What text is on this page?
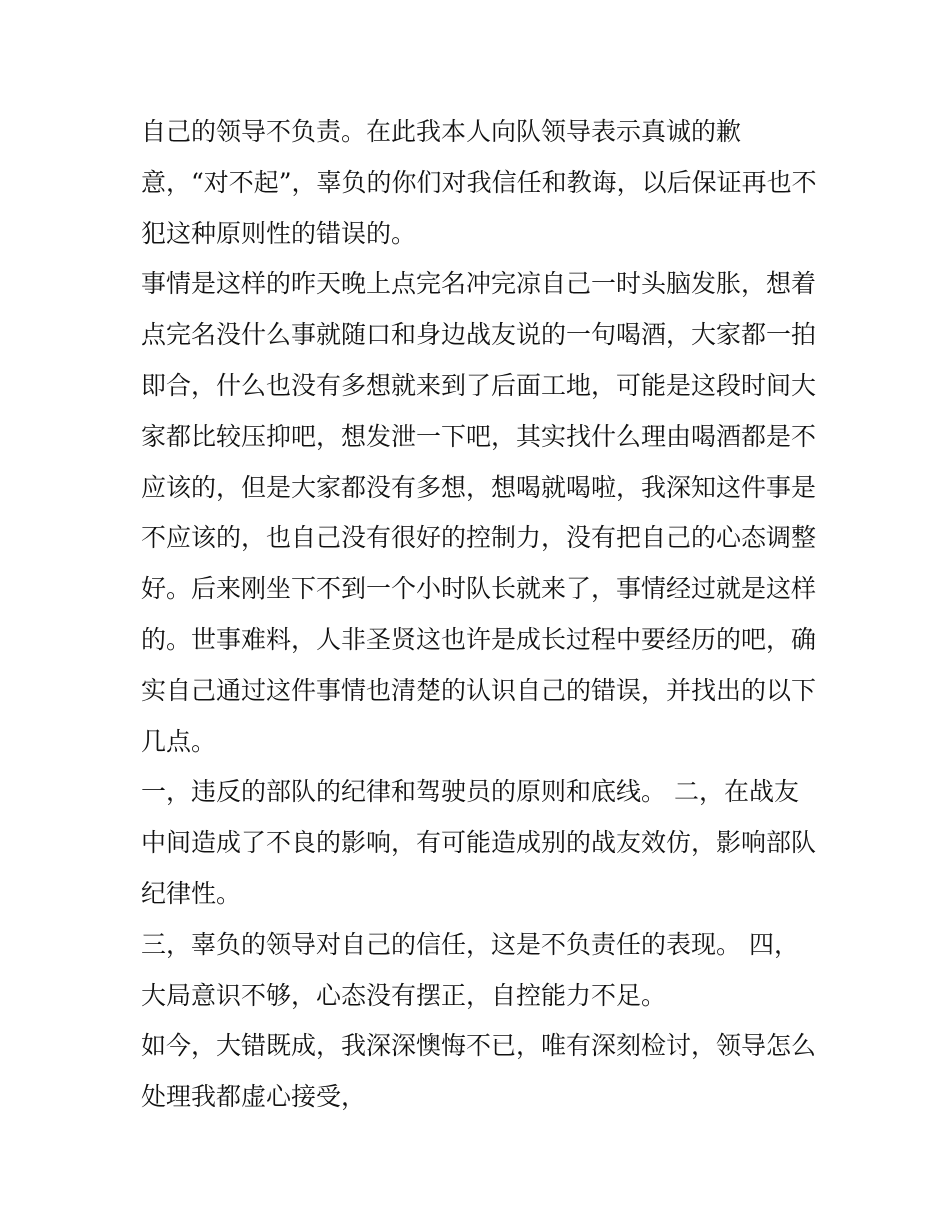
自己的领导不负责。在此我本人向队领导表示真诚的歉
意，“对不起”，辜负的你们对我信任和教诲，以后保证再也不
犯这种原则性的错误的。
事情是这样的昨天晚上点完名冲完凉自己一时头脑发胀，想着
点完名没什么事就随口和身边战友说的一句喝酒，大家都一拍
即合，什么也没有多想就来到了后面工地，可能是这段时间大
家都比较压抑吧，想发泄一下吧，其实找什么理由喝酒都是不
应该的，但是大家都没有多想，想喝就喝啦，我深知这件事是
不应该的，也自己没有很好的控制力，没有把自己的心态调整
好。后来刚坐下不到一个小时队长就来了，事情经过就是这样
的。世事难料，人非圣贤这也许是成长过程中要经历的吧，确
实自己通过这件事情也清楚的认识自己的错误，并找出的以下
几点。
一，违反的部队的纪律和驾驶员的原则和底线。 二，在战友
中间造成了不良的影响，有可能造成别的战友效仿，影响部队
纪律性。
三，辜负的领导对自己的信任，这是不负责任的表现。 四，
大局意识不够，心态没有摆正，自控能力不足。
如今，大错既成，我深深懊悔不已，唯有深刻检讨，领导怎么
处理我都虚心接受，
